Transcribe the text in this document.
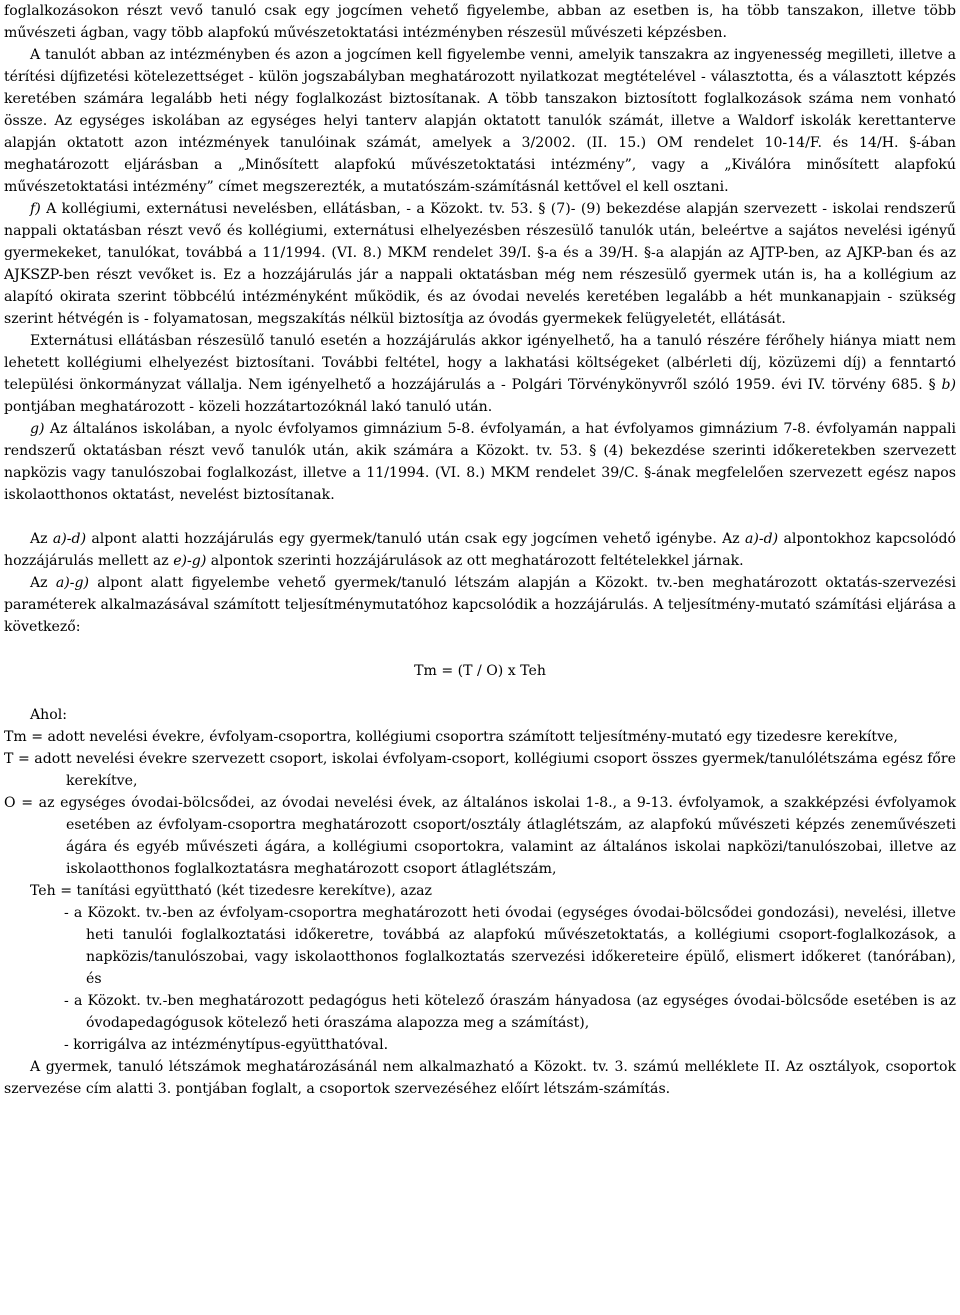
foglalkozásokon részt vevő tanuló csak egy jogcímen vehető figyelembe, abban az esetben is, ha több tanszakon, illetve több művészeti ágban, vagy több alapfokú művészetoktatási intézményben részesül művészeti képzésben.

A tanulót abban az intézményben és azon a jogcímen kell figyelembe venni, amelyik tanszakra az ingyenesség megilleti, illetve a térítési díjfizetési kötelezettséget - külön jogszabályban meghatározott nyilatkozat megtételével - választotta, és a választott képzés keretében számára legalább heti négy foglalkozást biztosítanak. A több tanszakon biztosított foglalkozások száma nem vonható össze. Az egységes iskolában az egységes helyi tanterv alapján oktatott tanulók számát, illetve a Waldorf iskolák kerettanterve alapján oktatott azon intézmények tanulóinak számát, amelyek a 3/2002. (II. 15.) OM rendelet 10-14/F. és 14/H. §-ában meghatározott eljárásban a „Minősített alapfokú művészetoktatási intézmény”, vagy a „Kiválóra minősített alapfokú művészetoktatási intézmény” címet megszerezték, a mutatószám-számításnál kettővel el kell osztani.

f) A kollégiumi, externátusi nevelésben, ellátásban, - a Közokt. tv. 53. § (7)- (9) bekezdése alapján szervezett - iskolai rendszerű nappali oktatásban részt vevő és kollégiumi, externátusi elhelyezésben részesülő tanulók után, beleértve a sajátos nevelési igényű gyermekeket, tanulókat, továbbá a 11/1994. (VI. 8.) MKM rendelet 39/I. §-a és a 39/H. §-a alapján az AJTP-ben, az AJKP-ban és az AJKSZP-ben részt vevőket is. Ez a hozzájárulás jár a nappali oktatásban még nem részesülő gyermek után is, ha a kollégium az alapító okirata szerint többcélú intézményként működik, és az óvodai nevelés keretében legalább a hét munkanapjain - szükség szerint hétvégén is - folyamatosan, megszakítás nélkül biztosítja az óvodás gyermekek felügyeletét, ellátását.

Externátusi ellátásban részesülő tanuló esetén a hozzájárulás akkor igényelhető, ha a tanuló részére férőhely hiánya miatt nem lehetett kollégiumi elhelyezést biztosítani. További feltétel, hogy a lakhatási költségeket (albérleti díj, közüzemi díj) a fenntartó települési önkormányzat vállalja. Nem igényelhető a hozzájárulás a - Polgári Törvénykönyvről szóló 1959. évi IV. törvény 685. § b) pontjában meghatározott - közeli hozzátartozóknál lakó tanuló után.

g) Az általános iskolában, a nyolc évfolyamos gimnázium 5-8. évfolyamán, a hat évfolyamos gimnázium 7-8. évfolyamán nappali rendszerű oktatásban részt vevő tanulók után, akik számára a Közokt. tv. 53. § (4) bekezdése szerinti időkeretekben szervezett napközis vagy tanulószobai foglalkozást, illetve a 11/1994. (VI. 8.) MKM rendelet 39/C. §-ának megfelelően szervezett egész napos iskolaotthonos oktatást, nevelést biztosítanak.

Az a)-d) alpont alatti hozzájárulás egy gyermek/tanuló után csak egy jogcímen vehető igénybe. Az a)-d) alpontokhoz kapcsolódó hozzájárulás mellett az e)-g) alpontok szerinti hozzájárulások az ott meghatározott feltételekkel járnak.

Az a)-g) alpont alatt figyelembe vehető gyermek/tanuló létszám alapján a Közokt. tv.-ben meghatározott oktatás-szervezési paraméterek alkalmazásával számított teljesítménymutatóhoz kapcsolódik a hozzájárulás. A teljesítmény-mutató számítási eljárása a következő:

Tm = (T / O) x Teh

Ahol:

Tm = adott nevelési évekre, évfolyam-csoportra, kollégiumi csoportra számított teljesítmény-mutató egy tizedesre kerekítve,

T = adott nevelési évekre szervezett csoport, iskolai évfolyam-csoport, kollégiumi csoport összes gyermek/tanulólétszáma egész főre kerekítve,

O = az egységes óvodai-bölcsődei, az óvodai nevelési évek, az általános iskolai 1-8., a 9-13. évfolyamok, a szakképzési évfolyamok esetében az évfolyam-csoportra meghatározott csoport/osztály átlaglétszám, az alapfokú művészeti képzés zeneművészeti ágára és egyéb művészeti ágára, a kollégiumi csoportokra, valamint az általános iskolai napközi/tanulószobai, illetve az iskolaotthonos foglalkoztatásra meghatározott csoport átlaglétszám,

Teh = tanítási együttható (két tizedesre kerekítve), azaz

- a Közokt. tv.-ben az évfolyam-csoportra meghatározott heti óvodai (egységes óvodai-bölcsődei gondozási), nevelési, illetve heti tanulói foglalkoztatási időkeretre, továbbá az alapfokú művészetoktatás, a kollégiumi csoport-foglalkozások, a napközis/tanulószobai, vagy iskolaotthonos foglalkoztatás szervezési időkereteire épülő, elismert időkeret (tanórában), és

- a Közokt. tv.-ben meghatározott pedagógus heti kötelező óraszám hányadosa (az egységes óvodai-bölcsőde esetében is az óvodapedagógusok kötelező heti óraszáma alapozza meg a számítást),

- korrigálva az intézménytípus-együtthatóval.

A gyermek, tanuló létszámok meghatározásánál nem alkalmazható a Közokt. tv. 3. számú melléklete II. Az osztályok, csoportok szervezése cím alatti 3. pontjában foglalt, a csoportok szervezéséhez előírt létszám-számítás.
